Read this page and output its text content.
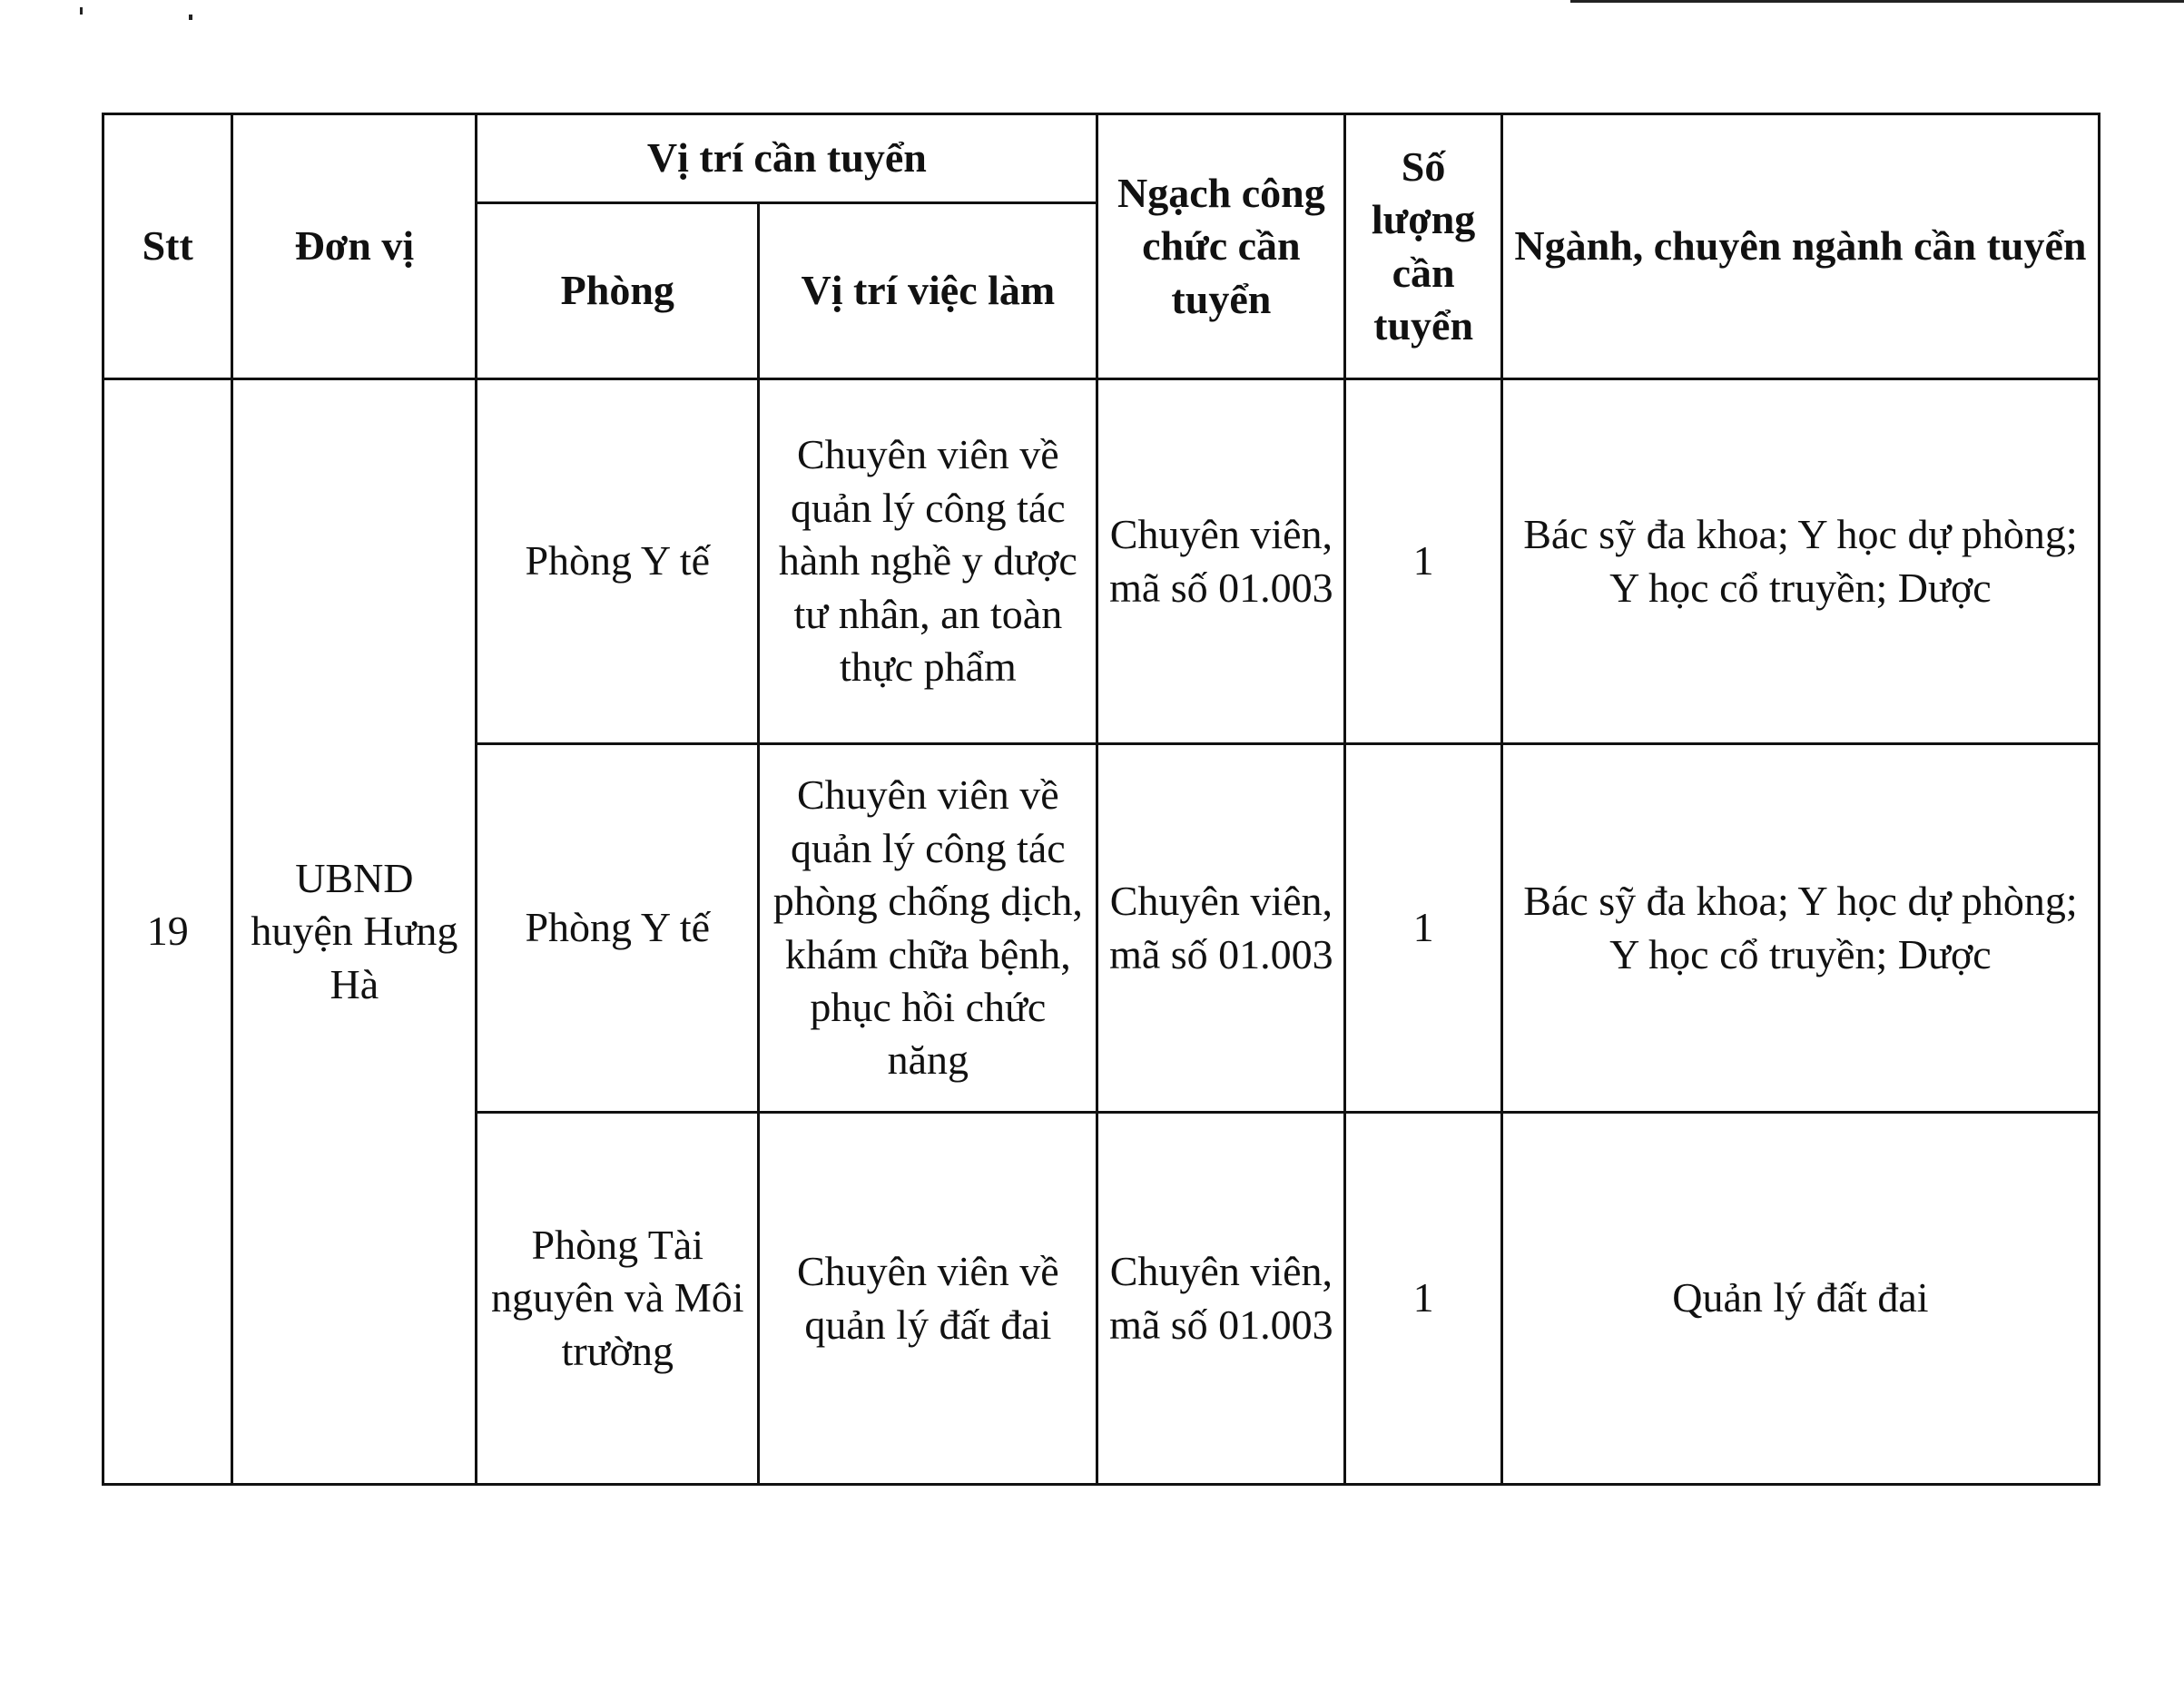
Stt	Đơn vị	Vị trí cần tuyển		Ngạch công chức cần tuyển	Số lượng cần tuyển	Ngành, chuyên ngành cần tuyển
		Phòng	Vị trí việc làm			
19	UBND huyện Hưng Hà	Phòng Y tế	Chuyên viên về quản lý công tác hành nghề y dược tư nhân, an toàn thực phẩm	Chuyên viên, mã số 01.003	1	Bác sỹ đa khoa; Y học dự phòng; Y học cổ truyền; Dược
		Phòng Y tế	Chuyên viên về quản lý công tác phòng chống dịch, khám chữa bệnh, phục hồi chức năng	Chuyên viên, mã số 01.003	1	Bác sỹ đa khoa; Y học dự phòng; Y học cổ truyền; Dược
		Phòng Tài nguyên và Môi trường	Chuyên viên về quản lý đất đai	Chuyên viên, mã số 01.003	1	Quản lý đất đai
